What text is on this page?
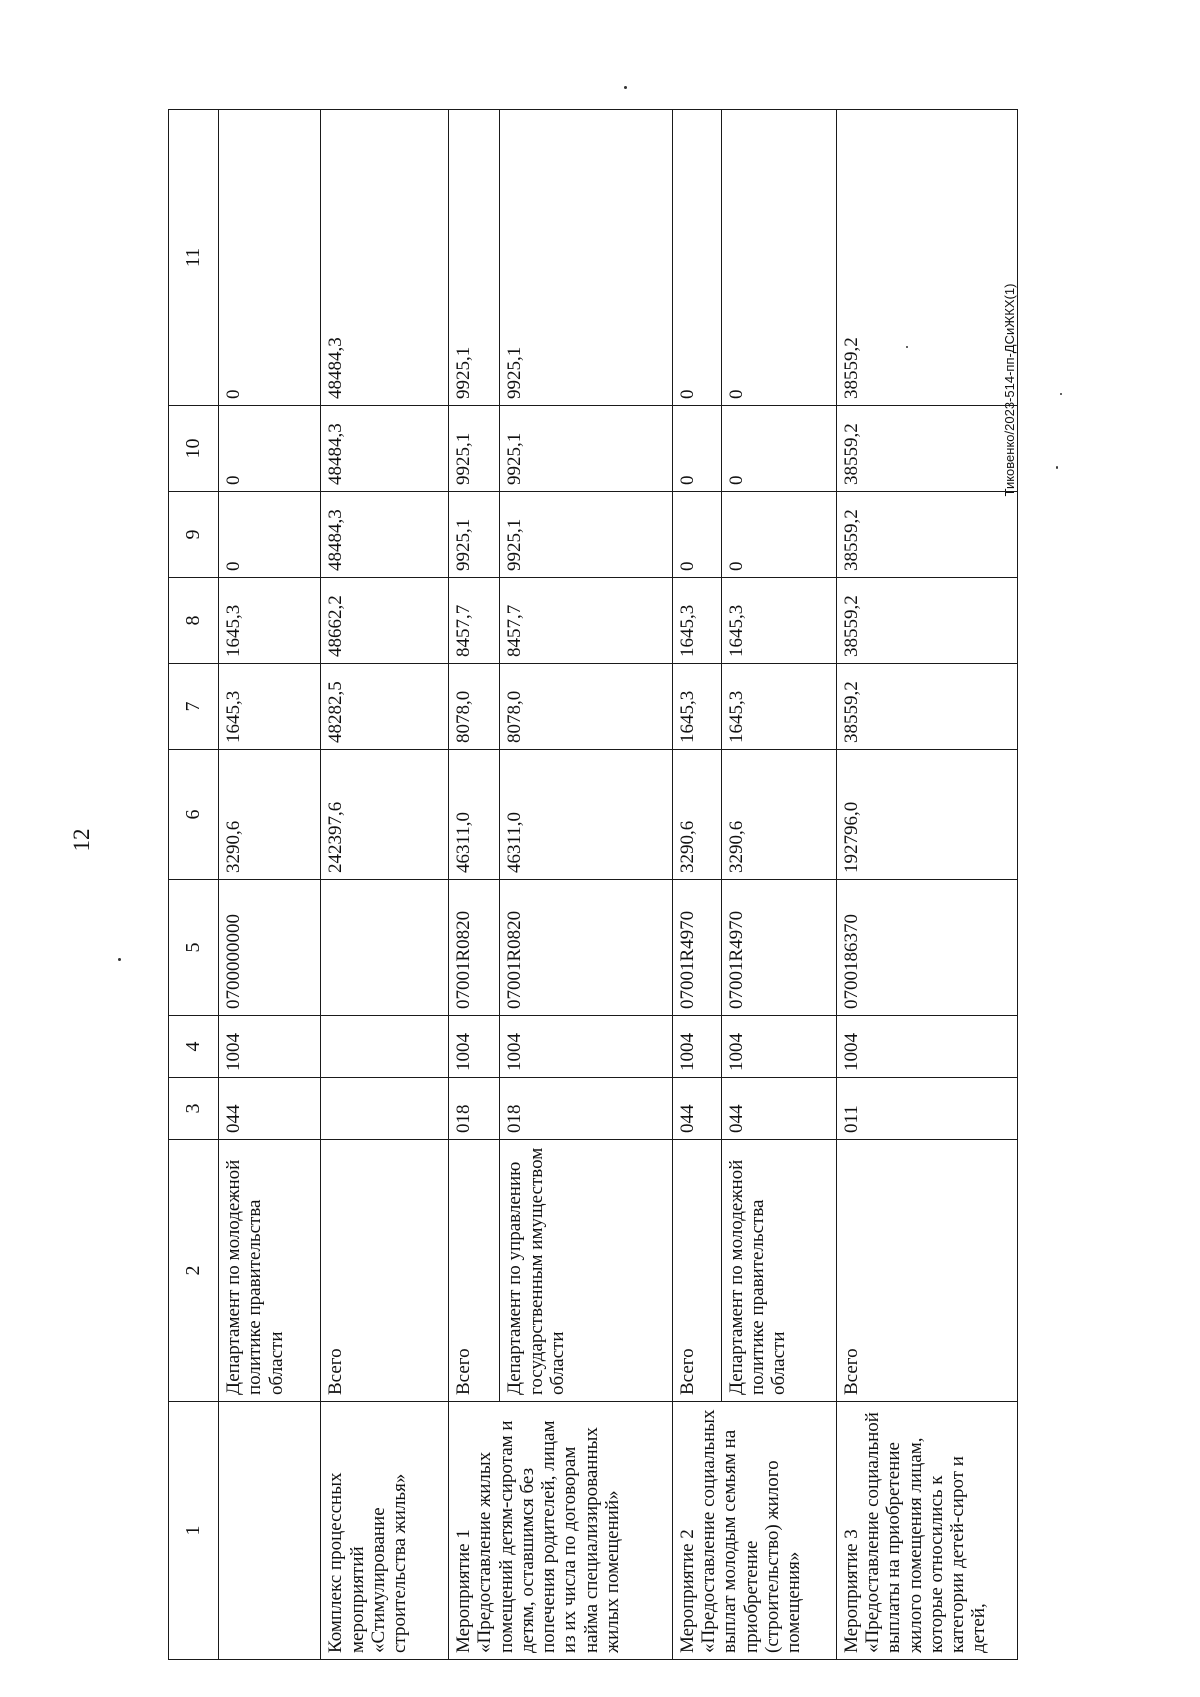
12
Тиковенко/2023-514-пп-ДСиЖКХ(1)
1	2	3	4	5	6	7	8	9	10	11
	Департамент по молодежной политике правительства области	044	1004	0700000000	3290,6	1645,3	1645,3	0	0	0
Комплекс процессных мероприятий «Стимулирование строительства жилья»	Всего				242397,6	48282,5	48662,2	48484,3	48484,3	48484,3
Мероприятие 1 «Предоставление жилых помещений детям-сиротам и детям, оставшимся без попечения родителей, лицам из их числа по договорам найма специализированных жилых помещений»	Всего	018	1004	07001R0820	46311,0	8078,0	8457,7	9925,1	9925,1	9925,1
	Департамент по управлению государственным имуществом области	018	1004	07001R0820	46311,0	8078,0	8457,7	9925,1	9925,1	9925,1
Мероприятие 2 «Предоставление социальных выплат молодым семьям на приобретение (строительство) жилого помещения»	Всего	044	1004	07001R4970	3290,6	1645,3	1645,3	0	0	0
	Департамент по молодежной политике правительства области	044	1004	07001R4970	3290,6	1645,3	1645,3	0	0	0
Мероприятие 3 «Предоставление социальной выплаты на приобретение жилого помещения лицам, которые относились к категории детей-сирот и детей,	Всего	011	1004	0700186370	192796,0	38559,2	38559,2	38559,2	38559,2	38559,2
